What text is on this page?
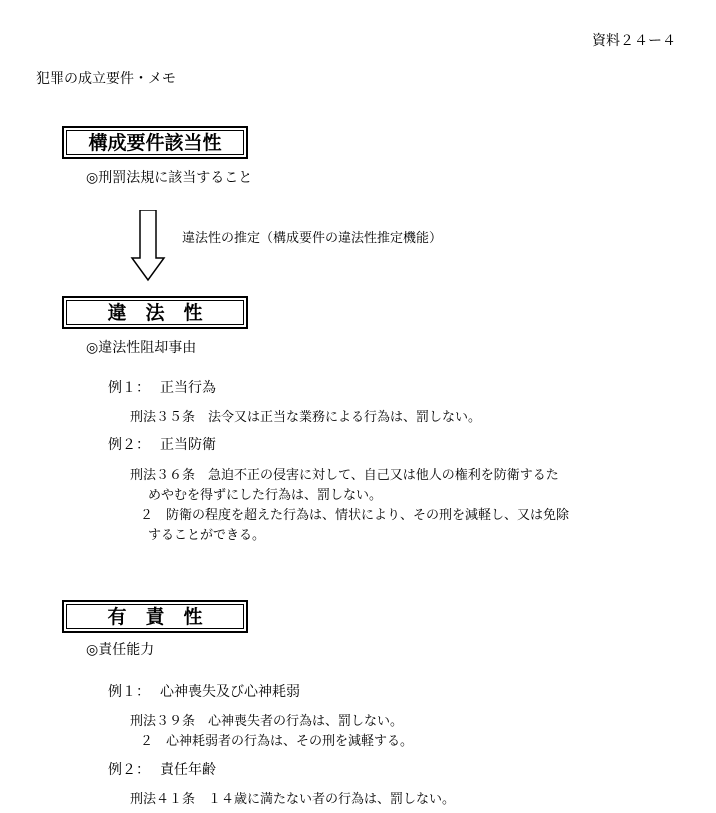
資料２４ー４
犯罪の成立要件・メモ
構成要件該当性
◎刑罰法規に該当すること
違法性の推定（構成要件の違法性推定機能）
違　法　性
◎違法性阻却事由
例１： 正当行為
刑法３５条　法令又は正当な業務による行為は、罰しない。
例２： 正当防衛
刑法３６条　急迫不正の侵害に対して、自己又は他人の権利を防衛するた
めやむを得ずにした行為は、罰しない。
２　防衛の程度を超えた行為は、情状により、その刑を減軽し、又は免除
することができる。
有　責　性
◎責任能力
例１： 心神喪失及び心神耗弱
刑法３９条　心神喪失者の行為は、罰しない。
２　心神耗弱者の行為は、その刑を減軽する。
例２： 責任年齢
刑法４１条　１４歳に満たない者の行為は、罰しない。
